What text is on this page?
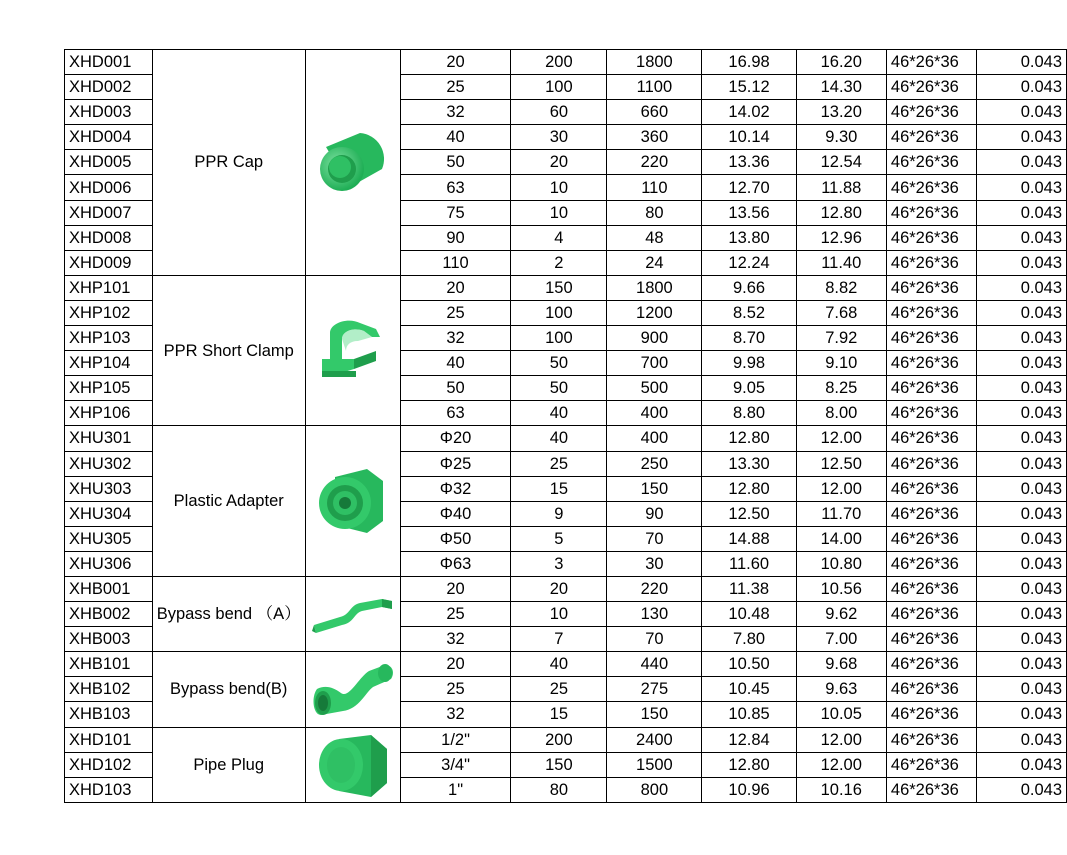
XHD001	PPR Cap		20	200	1800	16.98	16.20	46*26*36	0.043
XHD002			25	100	1100	15.12	14.30	46*26*36	0.043
XHD003			32	60	660	14.02	13.20	46*26*36	0.043
XHD004			40	30	360	10.14	9.30	46*26*36	0.043
XHD005			50	20	220	13.36	12.54	46*26*36	0.043
XHD006			63	10	110	12.70	11.88	46*26*36	0.043
XHD007			75	10	80	13.56	12.80	46*26*36	0.043
XHD008			90	4	48	13.80	12.96	46*26*36	0.043
XHD009			110	2	24	12.24	11.40	46*26*36	0.043
XHP101	PPR Short Clamp		20	150	1800	9.66	8.82	46*26*36	0.043
XHP102			25	100	1200	8.52	7.68	46*26*36	0.043
XHP103			32	100	900	8.70	7.92	46*26*36	0.043
XHP104			40	50	700	9.98	9.10	46*26*36	0.043
XHP105			50	50	500	9.05	8.25	46*26*36	0.043
XHP106			63	40	400	8.80	8.00	46*26*36	0.043
XHU301	Plastic Adapter		Φ20	40	400	12.80	12.00	46*26*36	0.043
XHU302			Φ25	25	250	13.30	12.50	46*26*36	0.043
XHU303			Φ32	15	150	12.80	12.00	46*26*36	0.043
XHU304			Φ40	9	90	12.50	11.70	46*26*36	0.043
XHU305			Φ50	5	70	14.88	14.00	46*26*36	0.043
XHU306			Φ63	3	30	11.60	10.80	46*26*36	0.043
XHB001	Bypass bend （A）		20	20	220	11.38	10.56	46*26*36	0.043
XHB002			25	10	130	10.48	9.62	46*26*36	0.043
XHB003			32	7	70	7.80	7.00	46*26*36	0.043
XHB101	Bypass bend(B)		20	40	440	10.50	9.68	46*26*36	0.043
XHB102			25	25	275	10.45	9.63	46*26*36	0.043
XHB103			32	15	150	10.85	10.05	46*26*36	0.043
XHD101	Pipe Plug		1/2"	200	2400	12.84	12.00	46*26*36	0.043
XHD102			3/4"	150	1500	12.80	12.00	46*26*36	0.043
XHD103			1"	80	800	10.96	10.16	46*26*36	0.043
